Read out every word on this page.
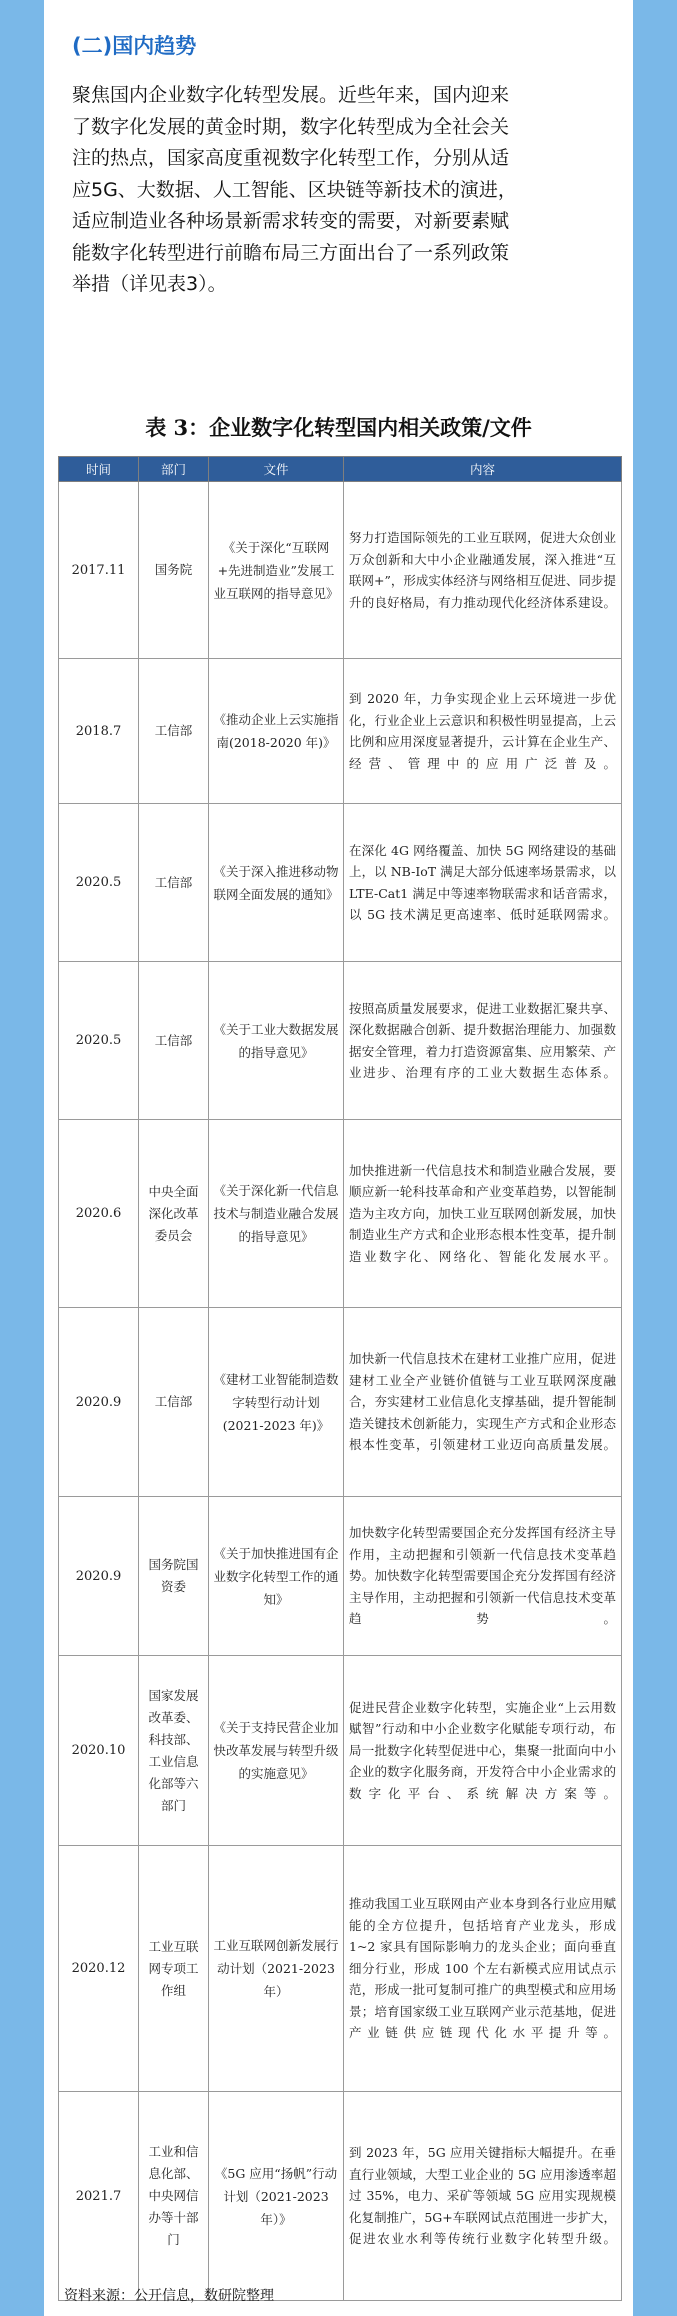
(二)国内趋势

聚焦国内企业数字化转型发展。近些年来，国内迎来
了数字化发展的黄金时期，数字化转型成为全社会关
注的热点，国家高度重视数字化转型工作，分别从适
应5G、大数据、人工智能、区块链等新技术的演进，
适应制造业各种场景新需求转变的需要，对新要素赋
能数字化转型进行前瞻布局三方面出台了一系列政策
举措（详见表3）。

表 3：企业数字化转型国内相关政策/文件
时间	部门	文件	内容
2017.11	国务院	《关于深化“互联网+先进制造业”发展工业互联网的指导意见》	努力打造国际领先的工业互联网，促进大众创业万众创新和大中小企业融通发展，深入推进“互联网+”，形成实体经济与网络相互促进、同步提升的良好格局，有力推动现代化经济体系建设。
2018.7	工信部	《推动企业上云实施指南(2018-2020 年)》	到 2020 年，力争实现企业上云环境进一步优化，行业企业上云意识和积极性明显提高，上云比例和应用深度显著提升，云计算在企业生产、经营、管理中的应用广泛普及。
2020.5	工信部	《关于深入推进移动物联网全面发展的通知》	在深化 4G 网络覆盖、加快 5G 网络建设的基础上，以 NB-IoT 满足大部分低速率场景需求，以 LTE-Cat1 满足中等速率物联需求和话音需求，以 5G 技术满足更高速率、低时延联网需求。
2020.5	工信部	《关于工业大数据发展的指导意见》	按照高质量发展要求，促进工业数据汇聚共享、深化数据融合创新、提升数据治理能力、加强数据安全管理，着力打造资源富集、应用繁荣、产业进步、治理有序的工业大数据生态体系。
2020.6	中央全面深化改革委员会	《关于深化新一代信息技术与制造业融合发展的指导意见》	加快推进新一代信息技术和制造业融合发展，要顺应新一轮科技革命和产业变革趋势，以智能制造为主攻方向，加快工业互联网创新发展，加快制造业生产方式和企业形态根本性变革，提升制造业数字化、网络化、智能化发展水平。
2020.9	工信部	《建材工业智能制造数字转型行动计划(2021-2023 年)》	加快新一代信息技术在建材工业推广应用，促进建材工业全产业链价值链与工业互联网深度融合，夯实建材工业信息化支撑基础，提升智能制造关键技术创新能力，实现生产方式和企业形态根本性变革，引领建材工业迈向高质量发展。
2020.9	国务院国资委	《关于加快推进国有企业数字化转型工作的通知》	加快数字化转型需要国企充分发挥国有经济主导作用，主动把握和引领新一代信息技术变革趋势。加快数字化转型需要国企充分发挥国有经济主导作用，主动把握和引领新一代信息技术变革趋势。
2020.10	国家发展改革委、科技部、工业信息化部等六部门	《关于支持民营企业加快改革发展与转型升级的实施意见》	促进民营企业数字化转型，实施企业“上云用数赋智”行动和中小企业数字化赋能专项行动，布局一批数字化转型促进中心，集聚一批面向中小企业的数字化服务商，开发符合中小企业需求的数字化平台、系统解决方案等。
2020.12	工业互联网专项工作组	工业互联网创新发展行动计划（2021-2023 年）	推动我国工业互联网由产业本身到各行业应用赋能的全方位提升，包括培育产业龙头，形成 1~2 家具有国际影响力的龙头企业；面向垂直细分行业，形成 100 个左右新模式应用试点示范，形成一批可复制可推广的典型模式和应用场景；培育国家级工业互联网产业示范基地，促进产业链供应链现代化水平提升等。
2021.7	工业和信息化部、中央网信办等十部门	《5G 应用“扬帆”行动计划（2021-2023 年）》	到 2023 年，5G 应用关键指标大幅提升。在垂直行业领域，大型工业企业的 5G 应用渗透率超过 35%，电力、采矿等领域 5G 应用实现规模化复制推广，5G+车联网试点范围进一步扩大，促进农业水利等传统行业数字化转型升级。
资料来源：公开信息，数研院整理
